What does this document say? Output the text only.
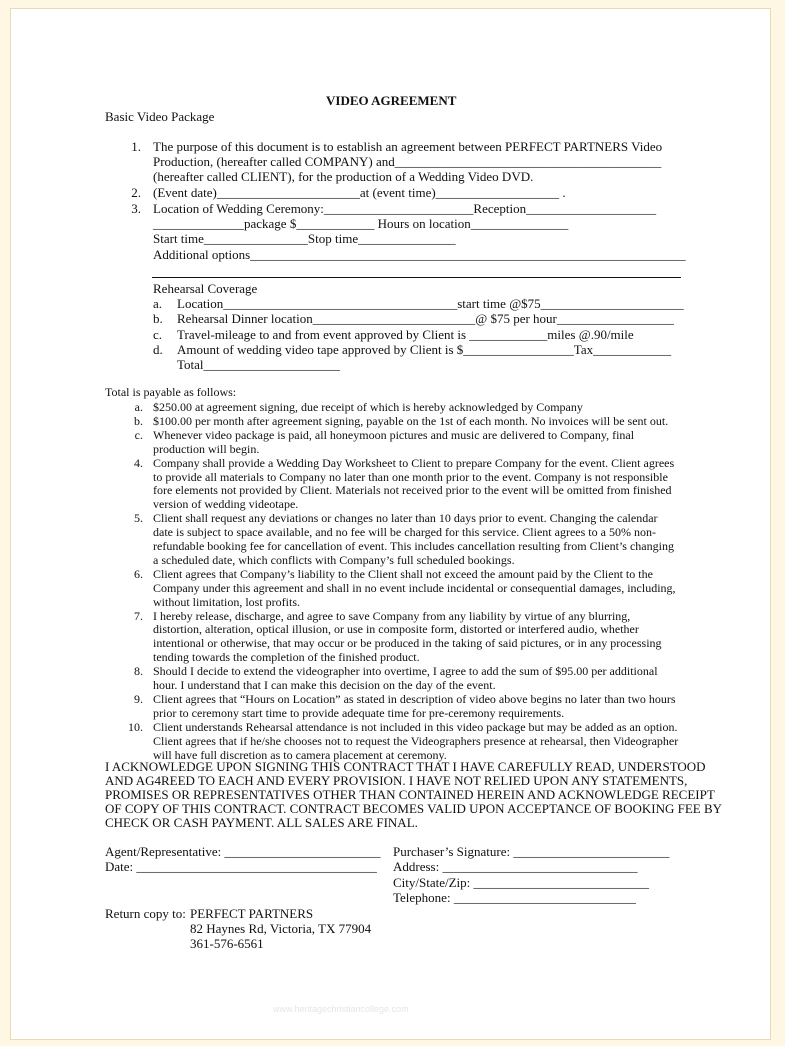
VIDEO AGREEMENT
Basic Video Package
1. The purpose of this document is to establish an agreement between PERFECT PARTNERS Video
Production, (hereafter called COMPANY) and_________________________________________
(hereafter called CLIENT), for the production of a Wedding Video DVD.
2. (Event date)______________________at (event time)___________________ .
3. Location of Wedding Ceremony:_______________________Reception____________________
______________package $____________ Hours on location_______________
Start time________________Stop time_______________
Additional options___________________________________________________________________
Rehearsal Coverage
a. Location____________________________________start time @$75______________________
b. Rehearsal Dinner location_________________________@ $75 per hour__________________
c. Travel-mileage to and from event approved by Client is ____________miles @.90/mile
d. Amount of wedding video tape approved by Client is $_________________Tax____________
Total_____________________
Total is payable as follows:
a. $250.00 at agreement signing, due receipt of which is hereby acknowledged by Company
b. $100.00 per month after agreement signing, payable on the 1st of each month. No invoices will be sent out.
c. Whenever video package is paid, all honeymoon pictures and music are delivered to Company, final
production will begin.
4. Company shall provide a Wedding Day Worksheet to Client to prepare Company for the event. Client agrees
to provide all materials to Company no later than one month prior to the event. Company is not responsible
fore elements not provided by Client. Materials not received prior to the event will be omitted from finished
version of wedding videotape.
5. Client shall request any deviations or changes no later than 10 days prior to event. Changing the calendar
date is subject to space available, and no fee will be charged for this service. Client agrees to a 50% non-
refundable booking fee for cancellation of event. This includes cancellation resulting from Client’s changing
a scheduled date, which conflicts with Company’s full scheduled bookings.
6. Client agrees that Company’s liability to the Client shall not exceed the amount paid by the Client to the
Company under this agreement and shall in no event include incidental or consequential damages, including,
without limitation, lost profits.
7. I hereby release, discharge, and agree to save Company from any liability by virtue of any blurring,
distortion, alteration, optical illusion, or use in composite form, distorted or interfered audio, whether
intentional or otherwise, that may occur or be produced in the taking of said pictures, or in any processing
tending towards the completion of the finished product.
8. Should I decide to extend the videographer into overtime, I agree to add the sum of $95.00 per additional
hour. I understand that I can make this decision on the day of the event.
9. Client agrees that “Hours on Location” as stated in description of video above begins no later than two hours
prior to ceremony start time to provide adequate time for pre-ceremony requirements.
10. Client understands Rehearsal attendance is not included in this video package but may be added as an option.
Client agrees that if he/she chooses not to request the Videographers presence at rehearsal, then Videographer
will have full discretion as to camera placement at ceremony.
I ACKNOWLEDGE UPON SIGNING THIS CONTRACT THAT I HAVE CAREFULLY READ, UNDERSTOOD
AND AG4REED TO EACH AND EVERY PROVISION. I HAVE NOT RELIED UPON ANY STATEMENTS,
PROMISES OR REPRESENTATIVES OTHER THAN CONTAINED HEREIN AND ACKNOWLEDGE RECEIPT
OF COPY OF THIS CONTRACT. CONTRACT BECOMES VALID UPON ACCEPTANCE OF BOOKING FEE BY
CHECK OR CASH PAYMENT. ALL SALES ARE FINAL.
Agent/Representative: ________________________
Date: _____________________________________
Purchaser’s Signature: ________________________
Address: ______________________________
City/State/Zip: ___________________________
Telephone: ____________________________
Return copy to: PERFECT PARTNERS
82 Haynes Rd, Victoria, TX 77904
361-576-6561
www.heritagechristiancollege.com
